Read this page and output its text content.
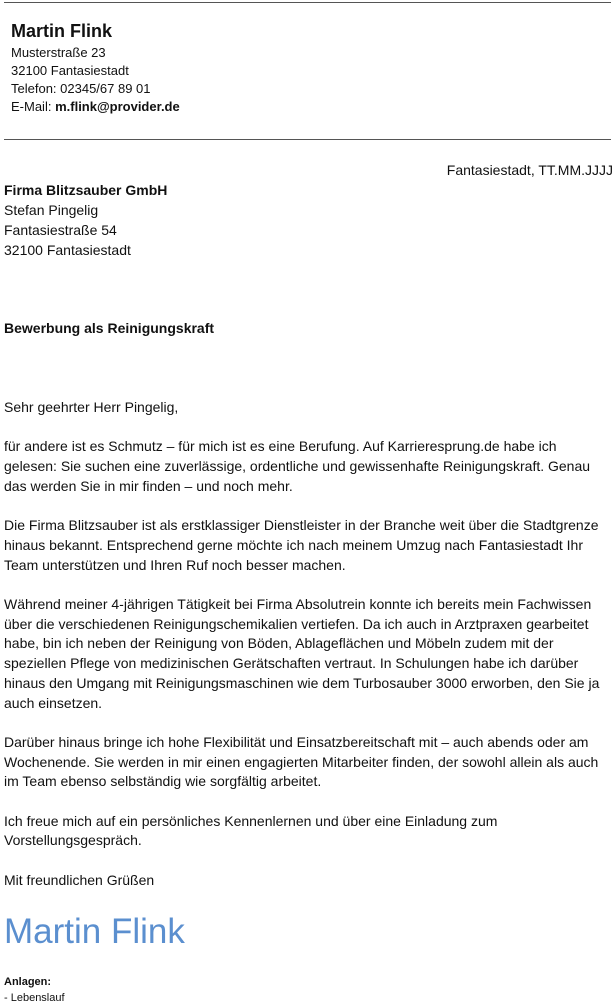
Martin Flink
Musterstraße 23
32100 Fantasiestadt
Telefon: 02345/67 89 01
E-Mail: m.flink@provider.de
Fantasiestadt, TT.MM.JJJJ
Firma Blitzsauber GmbH
Stefan Pingelig
Fantasiestraße 54
32100 Fantasiestadt
Bewerbung als Reinigungskraft

Sehr geehrter Herr Pingelig,

für andere ist es Schmutz – für mich ist es eine Berufung. Auf Karrieresprung.de habe ich gelesen: Sie suchen eine zuverlässige, ordentliche und gewissenhafte Reinigungskraft. Genau das werden Sie in mir finden – und noch mehr.

Die Firma Blitzsauber ist als erstklassiger Dienstleister in der Branche weit über die Stadtgrenze hinaus bekannt. Entsprechend gerne möchte ich nach meinem Umzug nach Fantasiestadt Ihr Team unterstützen und Ihren Ruf noch besser machen.

Während meiner 4-jährigen Tätigkeit bei Firma Absolutrein konnte ich bereits mein Fachwissen über die verschiedenen Reinigungschemikalien vertiefen. Da ich auch in Arztpraxen gearbeitet habe, bin ich neben der Reinigung von Böden, Ablageflächen und Möbeln zudem mit der speziellen Pflege von medizinischen Gerätschaften vertraut. In Schulungen habe ich darüber hinaus den Umgang mit Reinigungsmaschinen wie dem Turbosauber 3000 erworben, den Sie ja auch einsetzen.

Darüber hinaus bringe ich hohe Flexibilität und Einsatzbereitschaft mit – auch abends oder am Wochenende. Sie werden in mir einen engagierten Mitarbeiter finden, der sowohl allein als auch im Team ebenso selbständig wie sorgfältig arbeitet.

Ich freue mich auf ein persönliches Kennenlernen und über eine Einladung zum Vorstellungsgespräch.

Mit freundlichen Grüßen

Martin Flink
Anlagen:
- Lebenslauf
